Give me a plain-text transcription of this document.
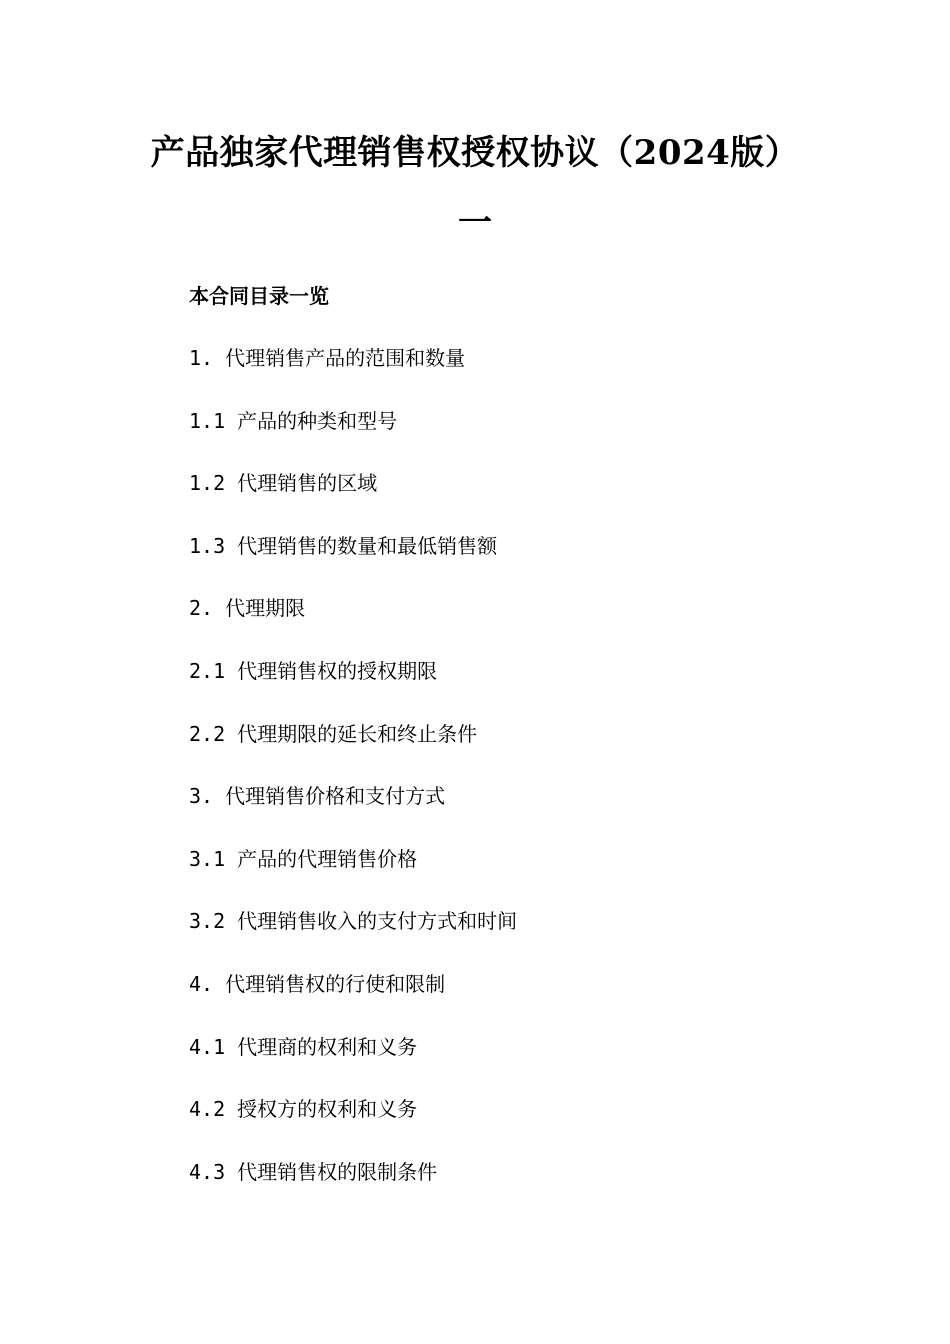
产品独家代理销售权授权协议（2024版）
一
本合同目录一览
1. 代理销售产品的范围和数量
1.1 产品的种类和型号
1.2 代理销售的区域
1.3 代理销售的数量和最低销售额
2. 代理期限
2.1 代理销售权的授权期限
2.2 代理期限的延长和终止条件
3. 代理销售价格和支付方式
3.1 产品的代理销售价格
3.2 代理销售收入的支付方式和时间
4. 代理销售权的行使和限制
4.1 代理商的权利和义务
4.2 授权方的权利和义务
4.3 代理销售权的限制条件
